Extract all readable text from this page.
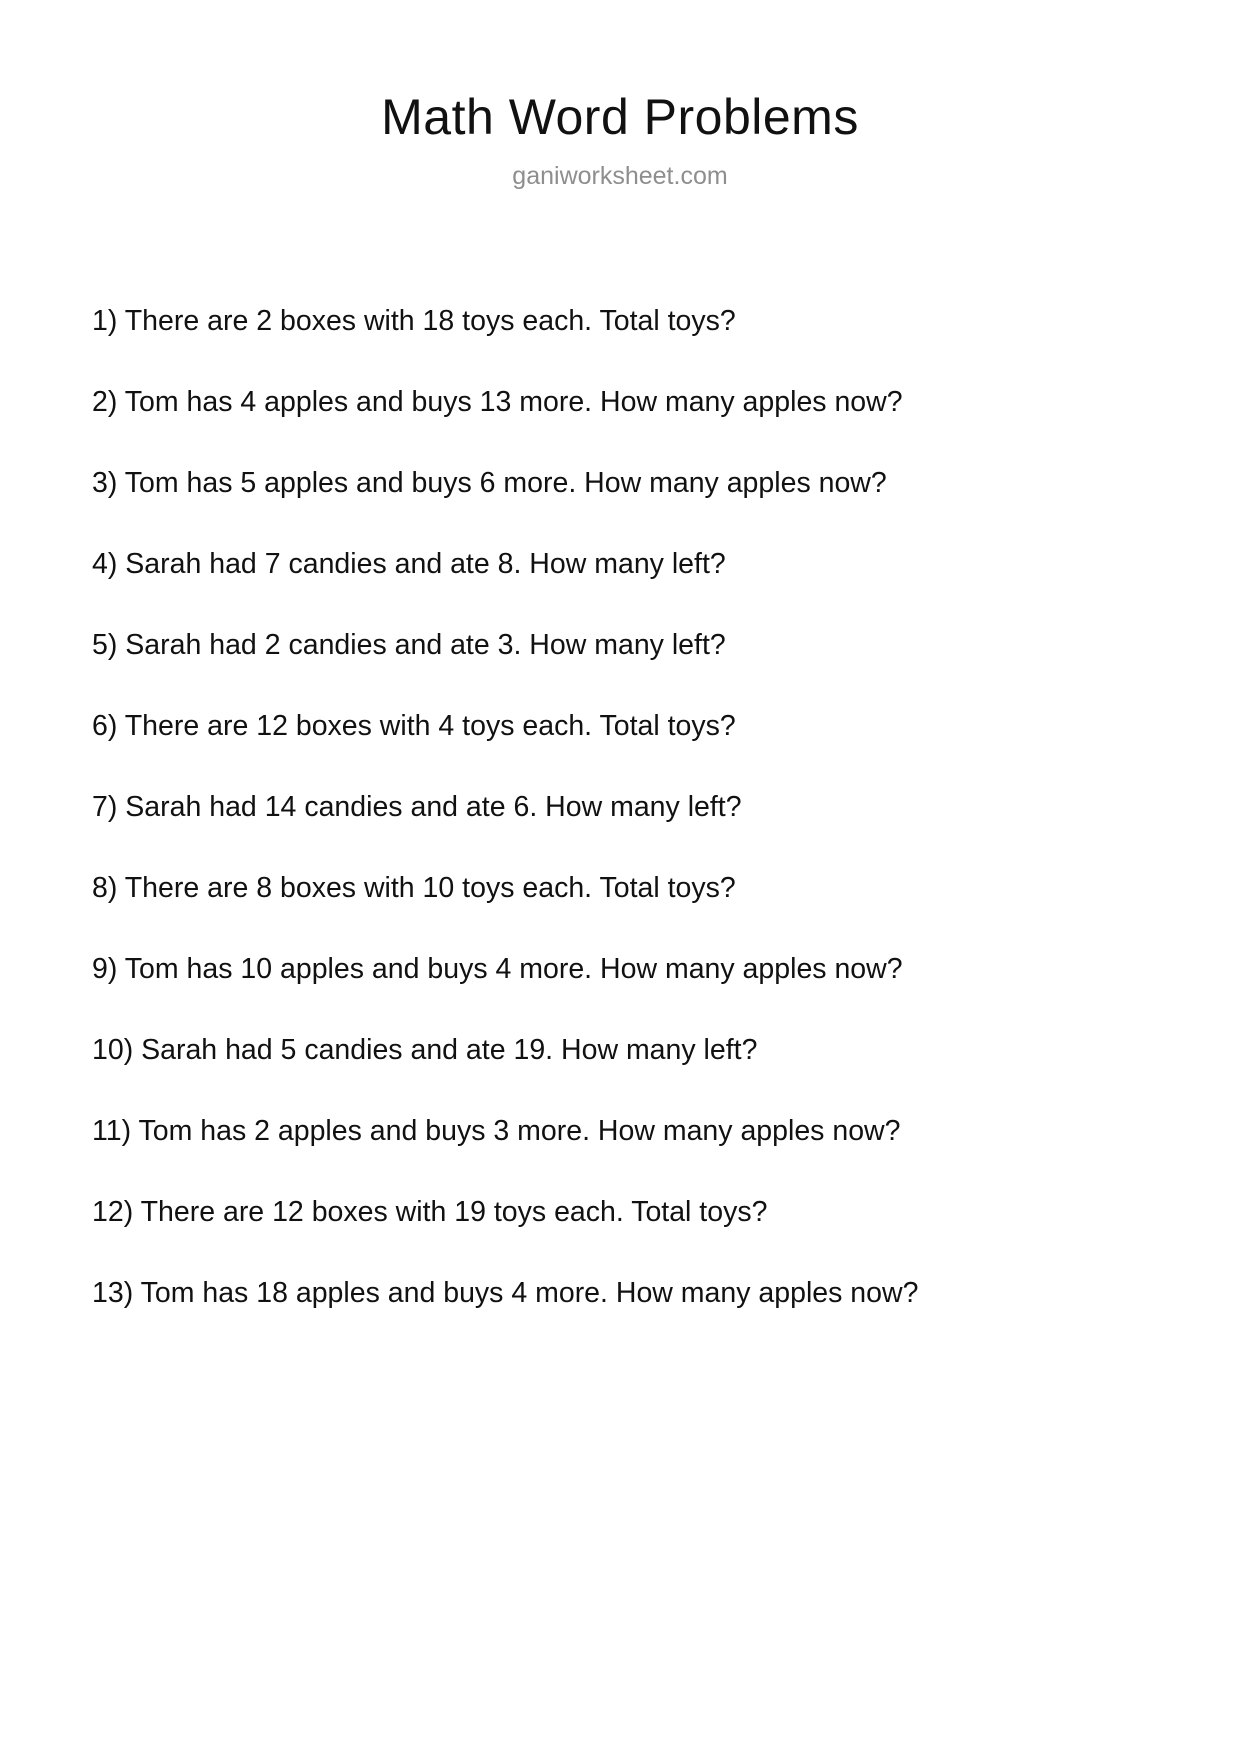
Math Word Problems
ganiworksheet.com
1) There are 2 boxes with 18 toys each. Total toys?
2) Tom has 4 apples and buys 13 more. How many apples now?
3) Tom has 5 apples and buys 6 more. How many apples now?
4) Sarah had 7 candies and ate 8. How many left?
5) Sarah had 2 candies and ate 3. How many left?
6) There are 12 boxes with 4 toys each. Total toys?
7) Sarah had 14 candies and ate 6. How many left?
8) There are 8 boxes with 10 toys each. Total toys?
9) Tom has 10 apples and buys 4 more. How many apples now?
10) Sarah had 5 candies and ate 19. How many left?
11) Tom has 2 apples and buys 3 more. How many apples now?
12) There are 12 boxes with 19 toys each. Total toys?
13) Tom has 18 apples and buys 4 more. How many apples now?
